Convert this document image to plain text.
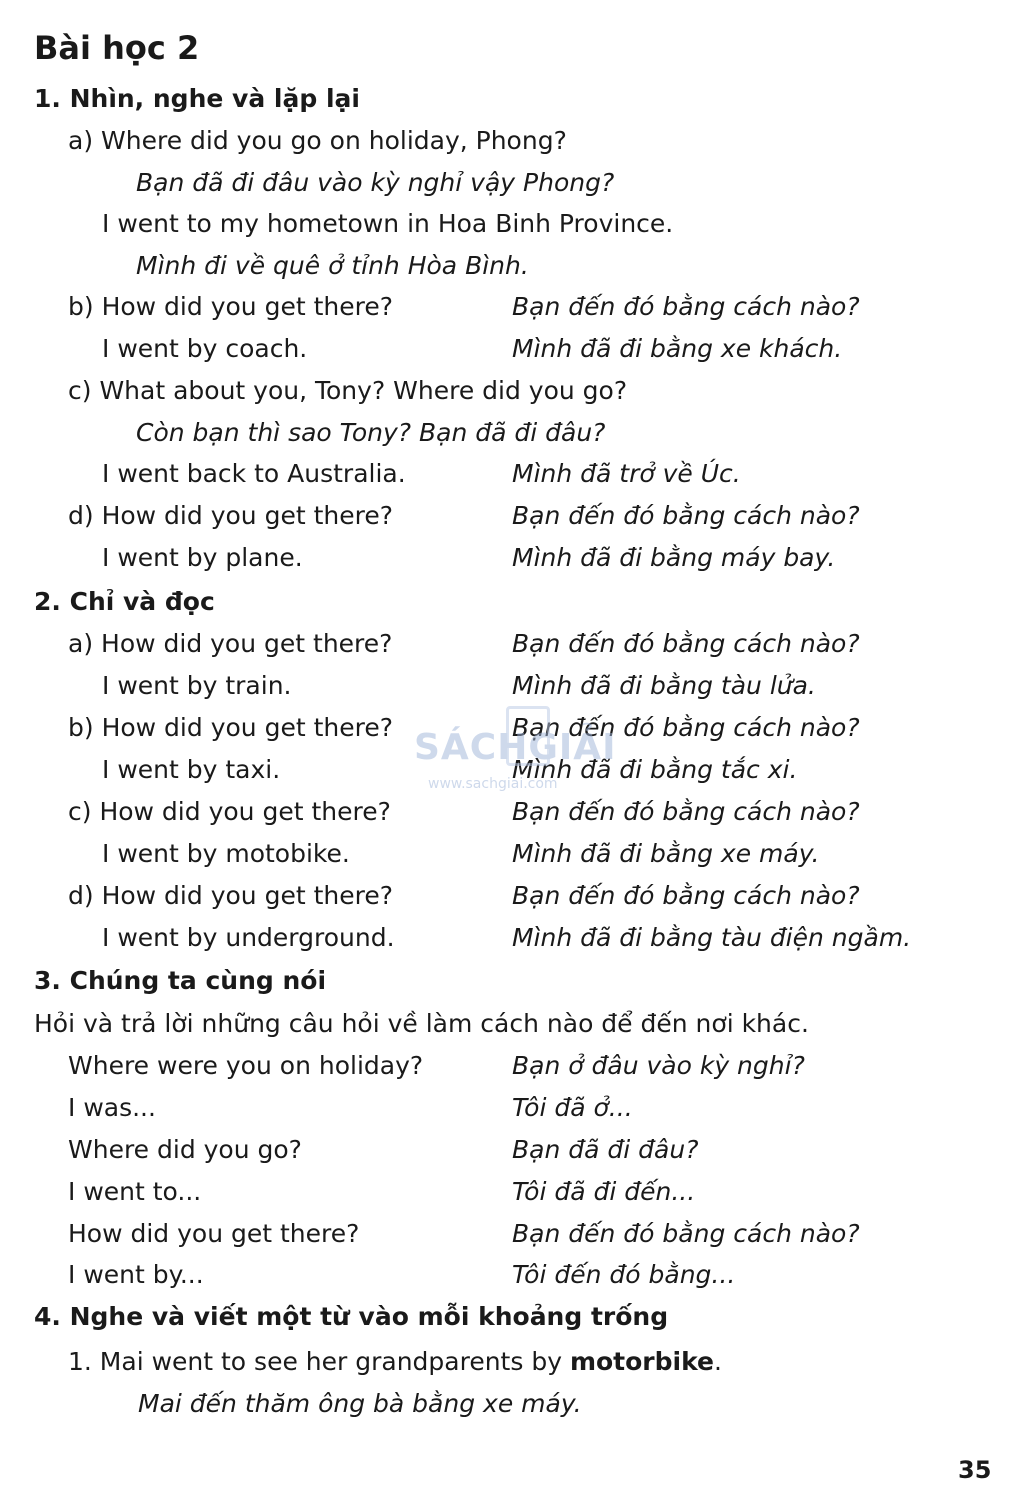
Bài học 2
1. Nhìn, nghe và lặp lại
a) Where did you go on holiday, Phong?
Bạn đã đi đâu vào kỳ nghỉ vậy Phong?
I went to my hometown in Hoa Binh Province.
Mình đi về quê ở tỉnh Hòa Bình.
b) How did you get there?	Bạn đến đó bằng cách nào?
I went by coach.	Mình đã đi bằng xe khách.
c) What about you, Tony? Where did you go?
Còn bạn thì sao Tony? Bạn đã đi đâu?
I went back to Australia.	Mình đã trở về Úc.
d) How did you get there?	Bạn đến đó bằng cách nào?
I went by plane.	Mình đã đi bằng máy bay.
2. Chỉ và đọc
a) How did you get there?	Bạn đến đó bằng cách nào?
I went by train.	Mình đã đi bằng tàu lửa.
b) How did you get there?	Bạn đến đó bằng cách nào?
I went by taxi.	Mình đã đi bằng tắc xi.
c) How did you get there?	Bạn đến đó bằng cách nào?
I went by motobike.	Mình đã đi bằng xe máy.
d) How did you get there?	Bạn đến đó bằng cách nào?
I went by underground.	Mình đã đi bằng tàu điện ngầm.
3. Chúng ta cùng nói
Hỏi và trả lời những câu hỏi về làm cách nào để đến nơi khác.
Where were you on holiday?	Bạn ở đâu vào kỳ nghỉ?
I was...	Tôi đã ở...
Where did you go?	Bạn đã đi đâu?
I went to...	Tôi đã đi đến...
How did you get there?	Bạn đến đó bằng cách nào?
I went by...	Tôi đến đó bằng...
4. Nghe và viết một từ vào mỗi khoảng trống
1. Mai went to see her grandparents by motorbike.
Mai đến thăm ông bà bằng xe máy.
SÁCHGIẢI
www.sachgiai.com
35
